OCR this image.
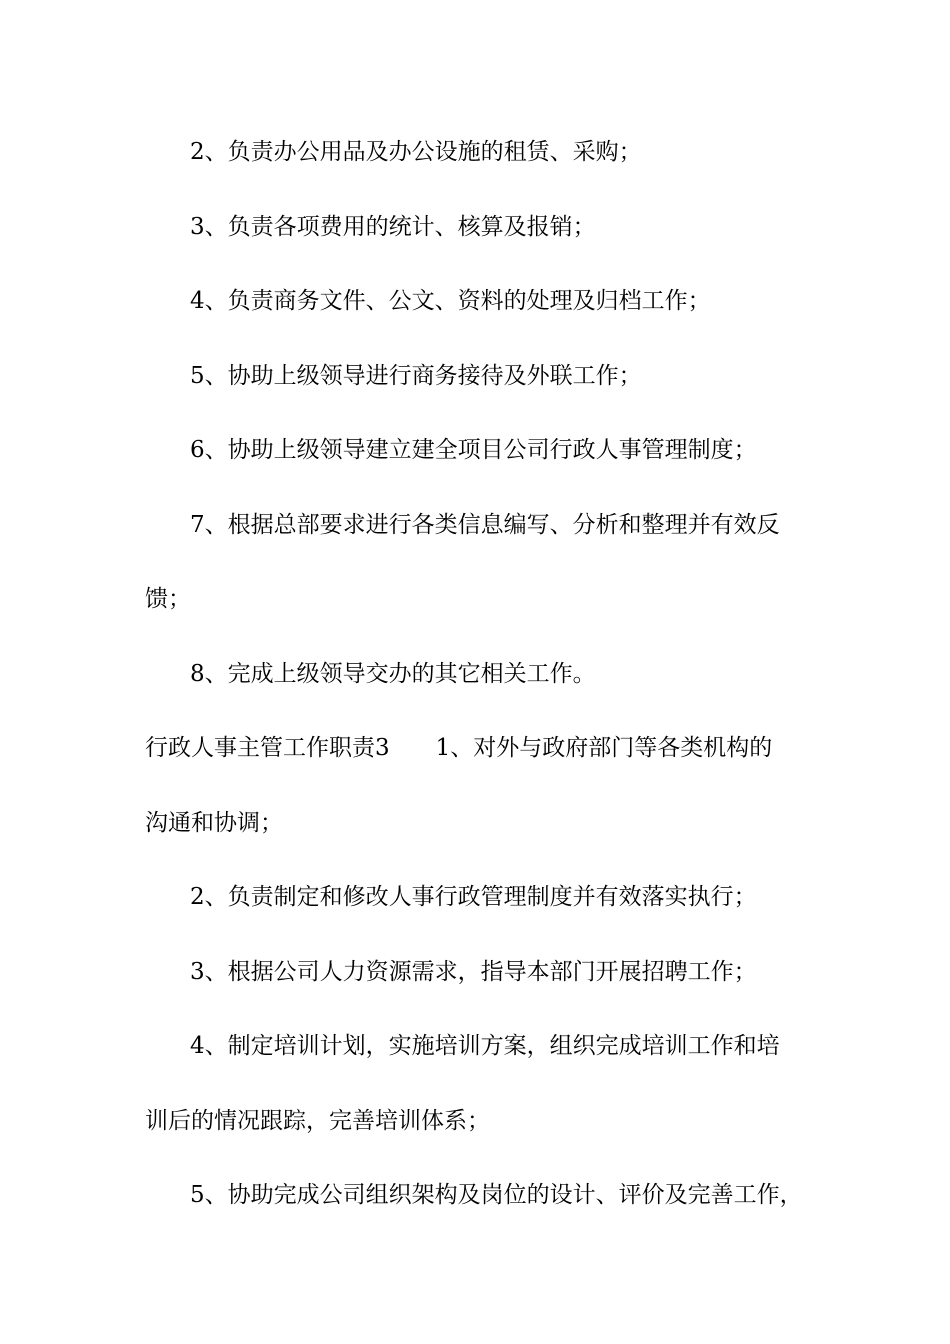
2、负责办公用品及办公设施的租赁、采购；
3、负责各项费用的统计、核算及报销；
4、负责商务文件、公文、资料的处理及归档工作；
5、协助上级领导进行商务接待及外联工作；
6、协助上级领导建立建全项目公司行政人事管理制度；
7、根据总部要求进行各类信息编写、分析和整理并有效反
馈；
8、完成上级领导交办的其它相关工作。
行政人事主管工作职责3 1、对外与政府部门等各类机构的
沟通和协调；
2、负责制定和修改人事行政管理制度并有效落实执行；
3、根据公司人力资源需求，指导本部门开展招聘工作；
4、制定培训计划，实施培训方案，组织完成培训工作和培
训后的情况跟踪，完善培训体系；
5、协助完成公司组织架构及岗位的设计、评价及完善工作，
